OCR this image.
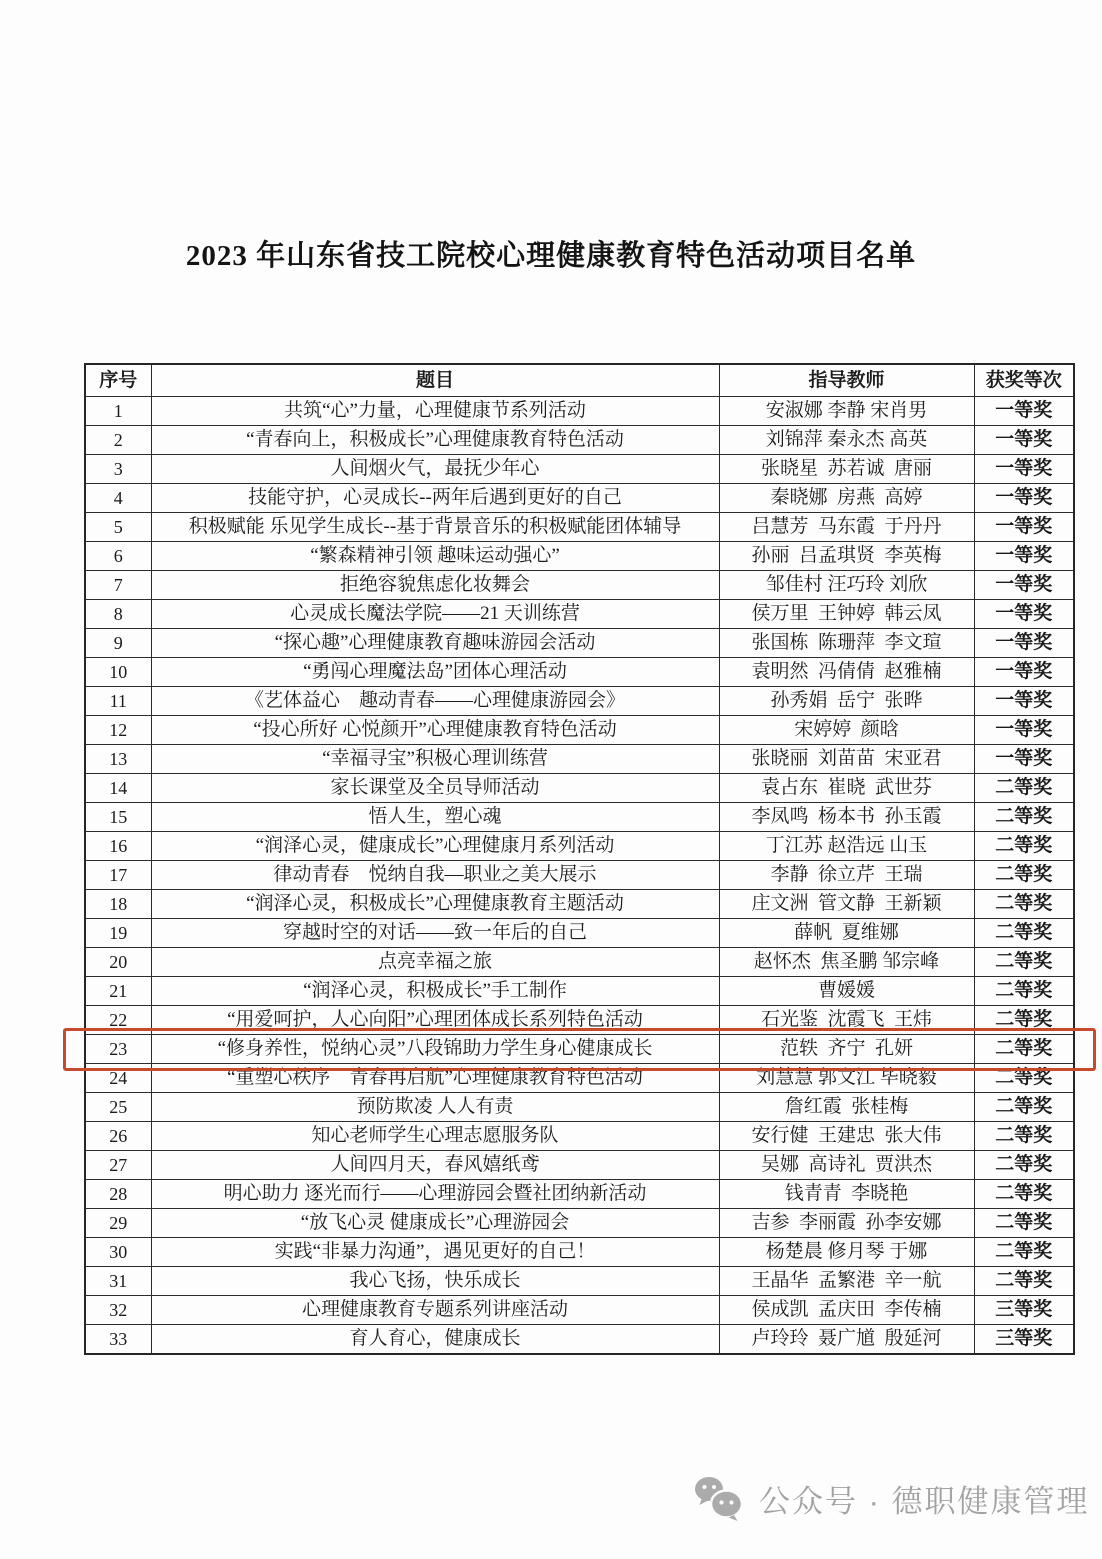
2023 年山东省技工院校心理健康教育特色活动项目名单
序号	题目	指导教师	获奖等次
1	共筑“心”力量，心理健康节系列活动	安淑娜 李静 宋肖男	一等奖
2	“青春向上，积极成长”心理健康教育特色活动	刘锦萍 秦永杰 高英	一等奖
3	人间烟火气，最抚少年心	张晓星  苏若诚  唐丽	一等奖
4	技能守护，心灵成长--两年后遇到更好的自己	秦晓娜  房燕  高婷	一等奖
5	积极赋能 乐见学生成长--基于背景音乐的积极赋能团体辅导	吕慧芳  马东霞  于丹丹	一等奖
6	“繁森精神引领 趣味运动强心”	孙丽  吕孟琪贤  李英梅	一等奖
7	拒绝容貌焦虑化妆舞会	邹佳村 汪巧玲 刘欣	一等奖
8	心灵成长魔法学院——21 天训练营	侯万里  王钟婷  韩云凤	一等奖
9	“探心趣”心理健康教育趣味游园会活动	张国栋  陈珊萍  李文瑄	一等奖
10	“勇闯心理魔法岛”团体心理活动	袁明然  冯倩倩  赵雅楠	一等奖
11	《艺体益心　趣动青春——心理健康游园会》	孙秀娟  岳宁  张晔	一等奖
12	“投心所好 心悦颜开”心理健康教育特色活动	宋婷婷  颜晗	一等奖
13	“幸福寻宝”积极心理训练营	张晓丽  刘苗苗  宋亚君	一等奖
14	家长课堂及全员导师活动	袁占东  崔晓  武世芬	二等奖
15	悟人生，塑心魂	李凤鸣  杨本书  孙玉霞	二等奖
16	“润泽心灵，健康成长”心理健康月系列活动	丁江苏 赵浩远 山玉	二等奖
17	律动青春　悦纳自我—职业之美大展示	李静  徐立芹  王瑞	二等奖
18	“润泽心灵，积极成长”心理健康教育主题活动	庄文洲  管文静  王新颖	二等奖
19	穿越时空的对话——致一年后的自己	薛帆  夏维娜	二等奖
20	点亮幸福之旅	赵怀杰  焦圣鹏 邹宗峰	二等奖
21	“润泽心灵，积极成长”手工制作	曹媛媛	二等奖
22	“用爱呵护，人心向阳”心理团体成长系列特色活动	石光鉴  沈霞飞  王炜	二等奖
23	“修身养性，悦纳心灵”八段锦助力学生身心健康成长	范轶  齐宁  孔妍	二等奖
24	“重塑心秩序　青春再启航”心理健康教育特色活动	刘慧慧 郭文江 毕晓毅	二等奖
25	预防欺凌 人人有责	詹红霞  张桂梅	二等奖
26	知心老师学生心理志愿服务队	安行健  王建忠  张大伟	二等奖
27	人间四月天，春风嬉纸鸢	吴娜  高诗礼  贾洪杰	二等奖
28	明心助力 逐光而行——心理游园会暨社团纳新活动	钱青青  李晓艳	二等奖
29	“放飞心灵 健康成长”心理游园会	吉参  李丽霞  孙李安娜	二等奖
30	实践“非暴力沟通”，遇见更好的自己！	杨楚晨 修月琴 于娜	二等奖
31	我心飞扬，快乐成长	王晶华  孟繁港  辛一航	二等奖
32	心理健康教育专题系列讲座活动	侯成凯  孟庆田  李传楠	三等奖
33	育人育心，健康成长	卢玲玲  聂广馗  殷延河	三等奖
公众号 · 德职健康管理
